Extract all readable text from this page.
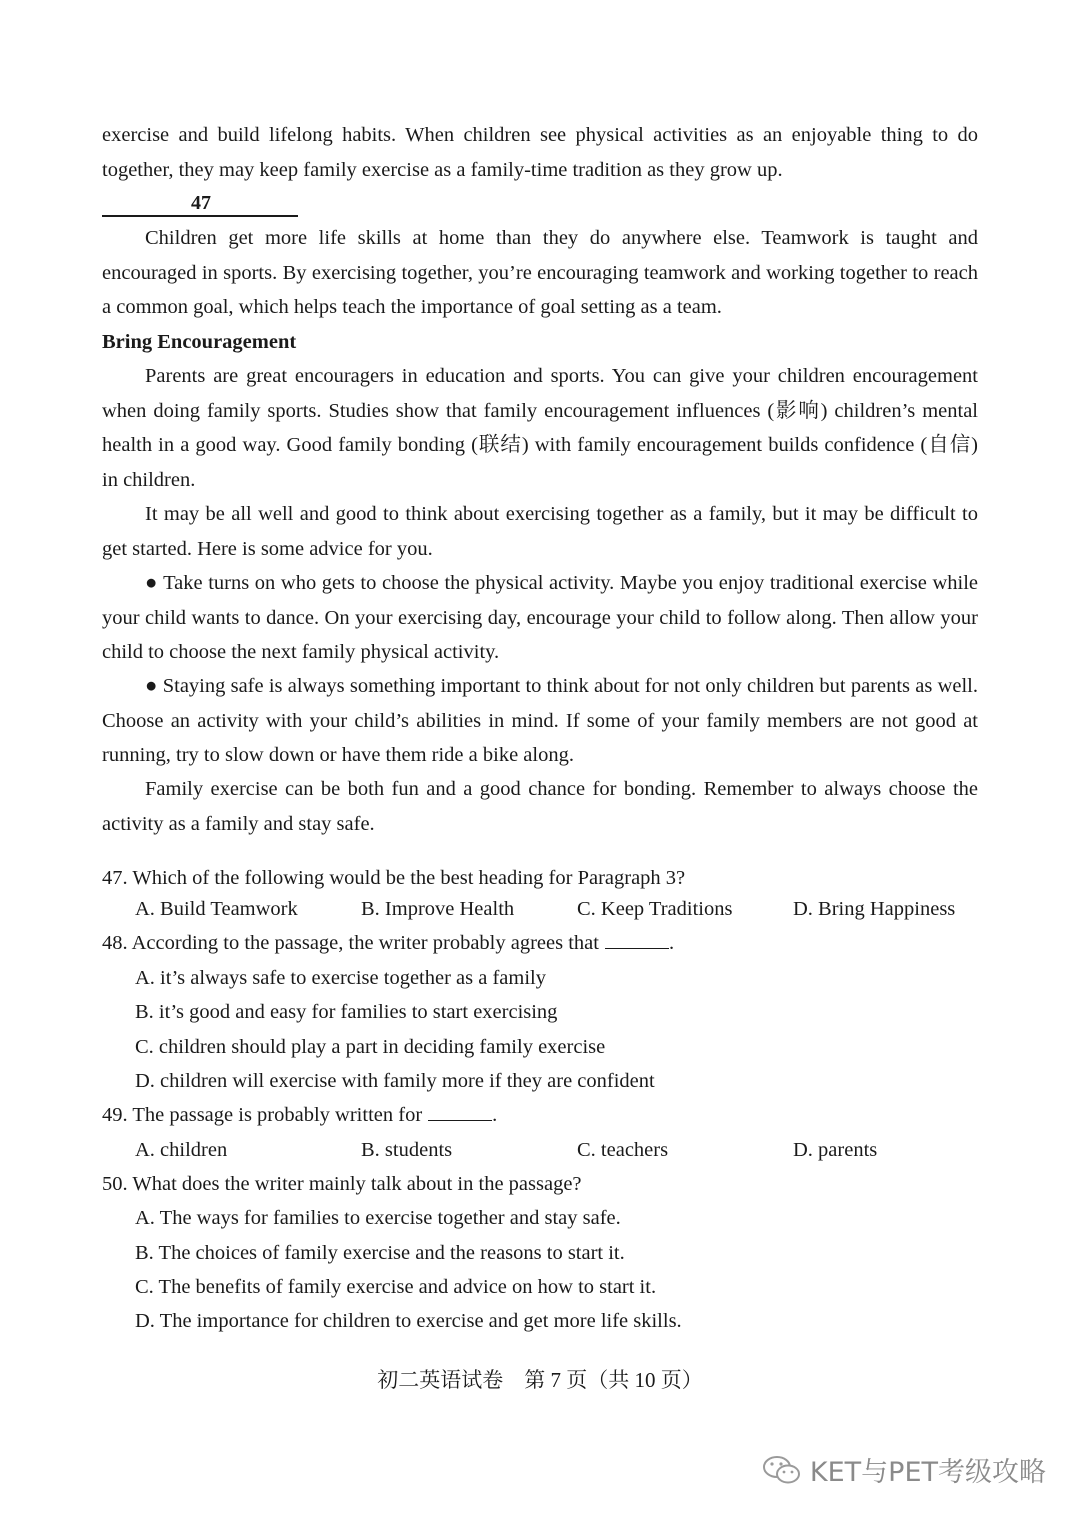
exercise and build lifelong habits. When children see physical activities as an enjoyable thing to do together, they may keep family exercise as a family-time tradition as they grow up.

47

Children get more life skills at home than they do anywhere else. Teamwork is taught and encouraged in sports. By exercising together, you’re encouraging teamwork and working together to reach a common goal, which helps teach the importance of goal setting as a team.

Bring Encouragement

Parents are great encouragers in education and sports. You can give your children encouragement when doing family sports. Studies show that family encouragement influences (影响) children’s mental health in a good way. Good family bonding (联结) with family encouragement builds confidence (自信) in children.

It may be all well and good to think about exercising together as a family, but it may be difficult to get started. Here is some advice for you.

● Take turns on who gets to choose the physical activity. Maybe you enjoy traditional exercise while your child wants to dance. On your exercising day, encourage your child to follow along. Then allow your child to choose the next family physical activity.

● Staying safe is always something important to think about for not only children but parents as well. Choose an activity with your child’s abilities in mind. If some of your family members are not good at running, try to slow down or have them ride a bike along.

Family exercise can be both fun and a good chance for bonding. Remember to always choose the activity as a family and stay safe.

47. Which of the following would be the best heading for Paragraph 3?
A. Build Teamwork	B. Improve Health	C. Keep Traditions	D. Bring Happiness
48. According to the passage, the writer probably agrees that	.
A. it’s always safe to exercise together as a family
B. it’s good and easy for families to start exercising
C. children should play a part in deciding family exercise
D. children will exercise with family more if they are confident
49. The passage is probably written for	.
A. children	B. students	C. teachers	D. parents
50. What does the writer mainly talk about in the passage?
A. The ways for families to exercise together and stay safe.
B. The choices of family exercise and the reasons to start it.
C. The benefits of family exercise and advice on how to start it.
D. The importance for children to exercise and get more life skills.
初二英语试卷　第 7 页（共 10 页）
KET与PET考级攻略
